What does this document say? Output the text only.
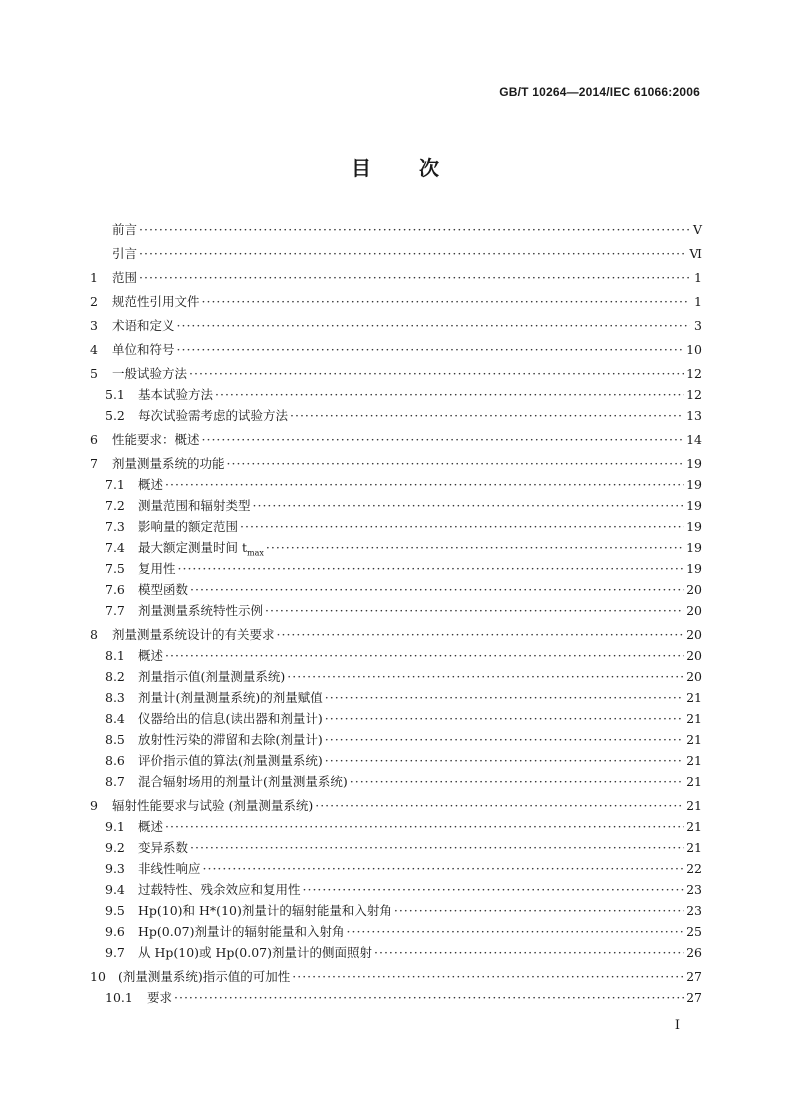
GB/T 10264—2014/IEC 61066:2006
目 次
前言 ·····	Ⅴ
引言 ·····	Ⅵ
1	范围 ·····	1
2	规范性引用文件 ·····	1
3	术语和定义 ·····	3
4	单位和符号 ·····	10
5	一般试验方法 ·····	12
5.1	基本试验方法 ·····	12
5.2	每次试验需考虑的试验方法 ·····	13
6	性能要求：概述 ·····	14
7	剂量测量系统的功能 ·····	19
7.1	概述 ·····	19
7.2	测量范围和辐射类型 ·····	19
7.3	影响量的额定范围 ·····	19
7.4	最大额定测量时间 $t_{max}$ ·····	19
7.5	复用性 ·····	19
7.6	模型函数 ·····	20
7.7	剂量测量系统特性示例 ·····	20
8	剂量测量系统设计的有关要求 ·····	20
8.1	概述 ·····	20
8.2	剂量指示值(剂量测量系统) ·····	20
8.3	剂量计(剂量测量系统)的剂量赋值 ·····	21
8.4	仪器给出的信息(读出器和剂量计) ·····	21
8.5	放射性污染的滞留和去除(剂量计) ·····	21
8.6	评价指示值的算法(剂量测量系统) ·····	21
8.7	混合辐射场用的剂量计(剂量测量系统) ·····	21
9	辐射性能要求与试验 (剂量测量系统) ·····	21
9.1	概述 ·····	21
9.2	变异系数 ·····	21
9.3	非线性响应 ·····	22
9.4	过载特性、残余效应和复用性 ·····	23
9.5	Hp(10)和 H*(10)剂量计的辐射能量和入射角 ·····	23
9.6	Hp(0.07)剂量计的辐射能量和入射角 ·····	25
9.7	从 Hp(10)或 Hp(0.07)剂量计的侧面照射 ·····	26
10 (剂量测量系统)指示值的可加性 ·····	27
10.1	要求 ·····	27
Ⅰ
